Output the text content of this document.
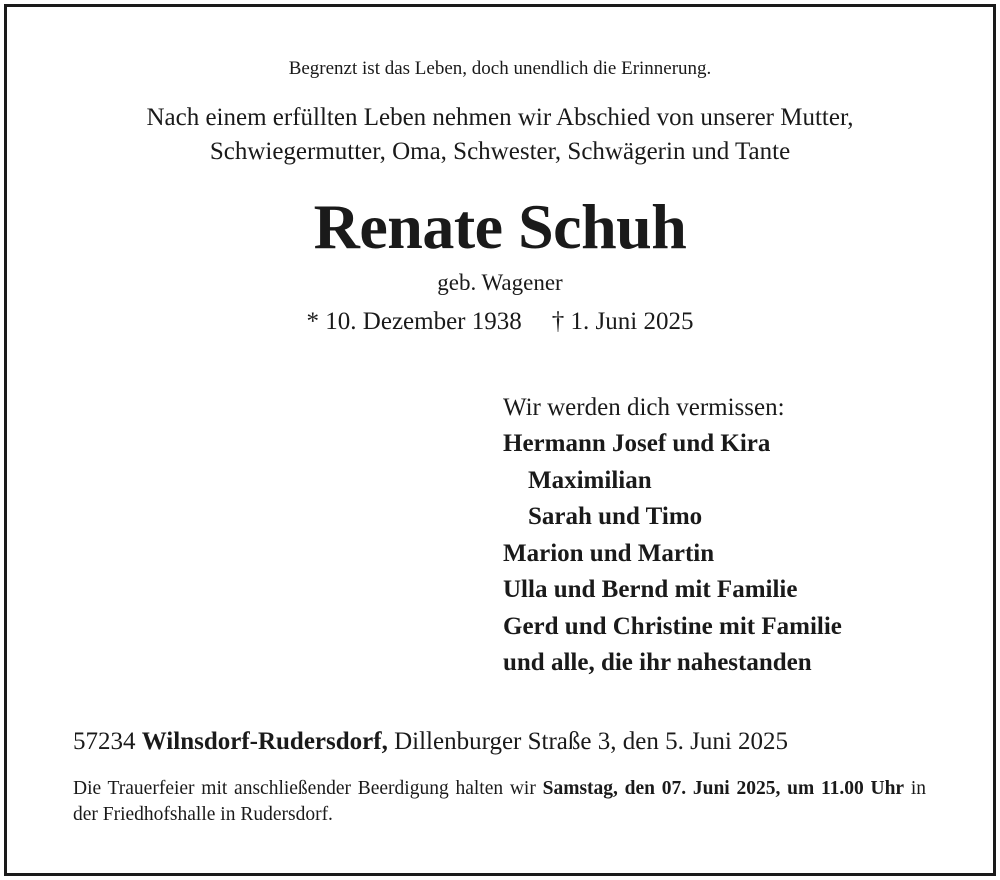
Begrenzt ist das Leben, doch unendlich die Erinnerung.
Nach einem erfüllten Leben nehmen wir Abschied von unserer Mutter,
Schwiegermutter, Oma, Schwester, Schwägerin und Tante
Renate Schuh
geb. Wagener
* 10. Dezember 1938 † 1. Juni 2025
Wir werden dich vermissen:
Hermann Josef und Kira
Maximilian
Sarah und Timo
Marion und Martin
Ulla und Bernd mit Familie
Gerd und Christine mit Familie
und alle, die ihr nahestanden
57234 Wilnsdorf-Rudersdorf, Dillenburger Straße 3, den 5. Juni 2025
Die Trauerfeier mit anschließender Beerdigung halten wir Samstag, den 07. Juni 2025, um 11.00 Uhr in der Friedhofshalle in Rudersdorf.
